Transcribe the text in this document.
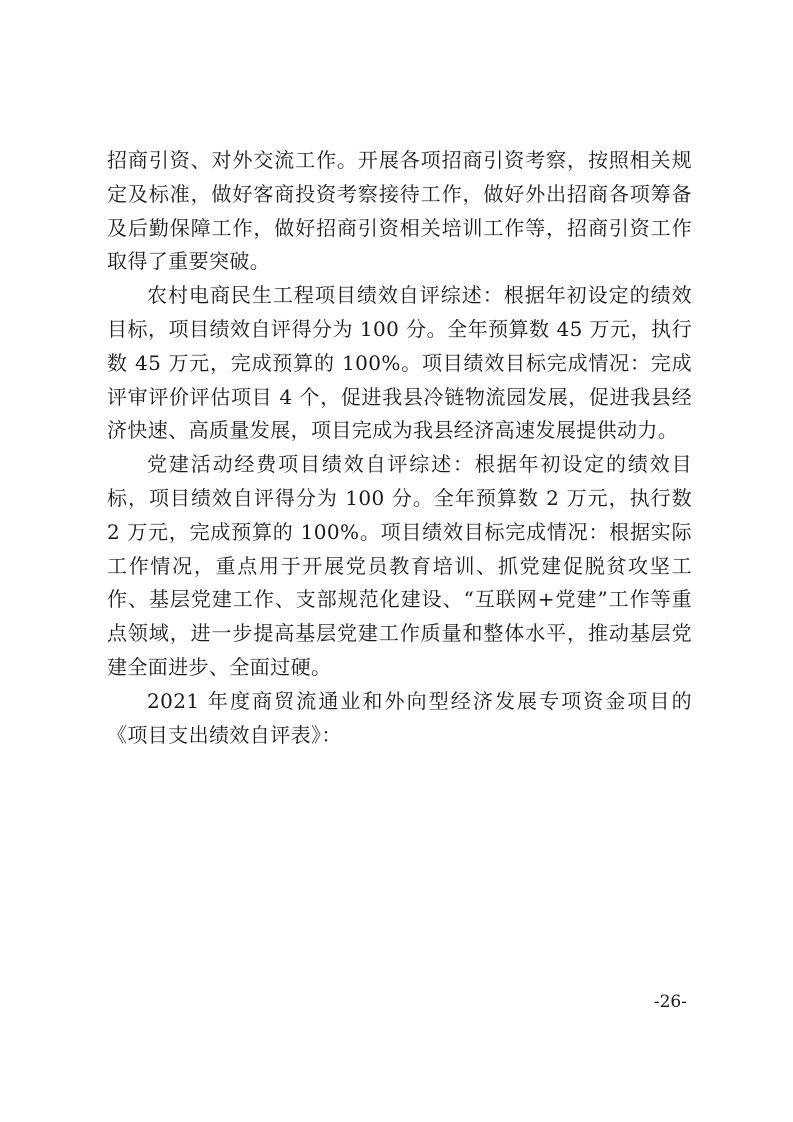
招商引资、对外交流工作。开展各项招商引资考察，按照相关规定及标准，做好客商投资考察接待工作，做好外出招商各项筹备及后勤保障工作，做好招商引资相关培训工作等，招商引资工作取得了重要突破。

农村电商民生工程项目绩效自评综述：根据年初设定的绩效目标，项目绩效自评得分为 100 分。全年预算数 45 万元，执行数 45 万元，完成预算的 100%。项目绩效目标完成情况：完成评审评价评估项目 4 个，促进我县冷链物流园发展，促进我县经济快速、高质量发展，项目完成为我县经济高速发展提供动力。

党建活动经费项目绩效自评综述：根据年初设定的绩效目标，项目绩效自评得分为 100 分。全年预算数 2 万元，执行数 2 万元，完成预算的 100%。项目绩效目标完成情况：根据实际工作情况，重点用于开展党员教育培训、抓党建促脱贫攻坚工作、基层党建工作、支部规范化建设、“互联网+党建”工作等重点领域，进一步提高基层党建工作质量和整体水平，推动基层党建全面进步、全面过硬。

2021 年度商贸流通业和外向型经济发展专项资金项目的《项目支出绩效自评表》：

-26-
